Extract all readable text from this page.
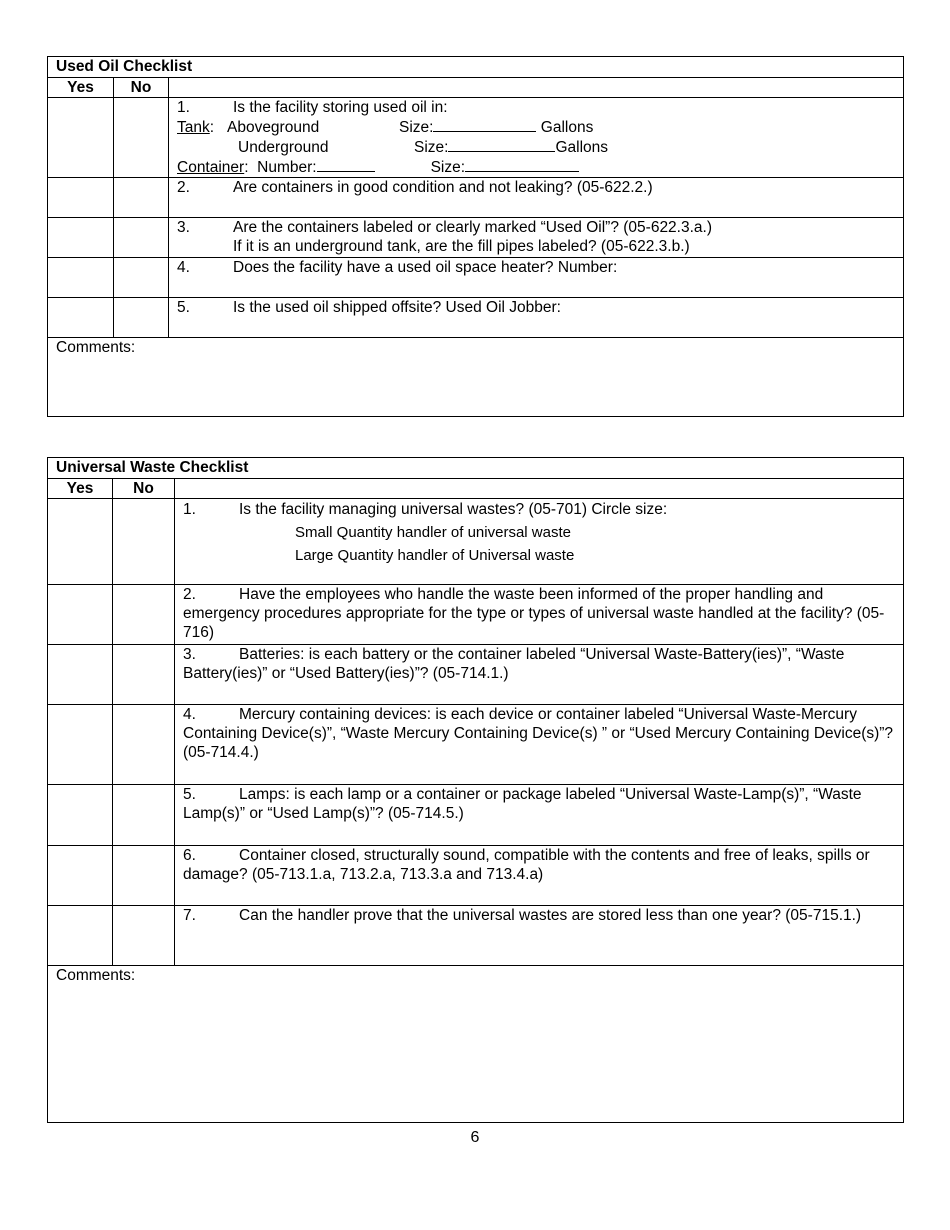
Used Oil Checklist		
Yes	No	

		1. Is the facility storing used oil in:
Tank:   Aboveground Size: Gallons
Underground Size: Gallons
Container:  Number: Size:

		2. Are containers in good condition and not leaking? (05-622.2.)

		3. Are the containers labeled or clearly marked “Used Oil”? (05-622.3.a.)
If it is an underground tank, are the fill pipes labeled? (05-622.3.b.)

		4. Does the facility have a used oil space heater? Number:
		5. Is the used oil shipped offsite? Used Oil Jobber:
Comments:		
Universal Waste Checklist		
Yes	No	

		1. Is the facility managing universal wastes? (05-701) Circle size:
Small Quantity handler of universal waste
Large Quantity handler of Universal waste

		2. Have the employees who handle the waste been informed of the proper handling and emergency procedures appropriate for the type or types of universal waste handled at the facility? (05-716)
		3. Batteries: is each battery or the container labeled “Universal Waste-Battery(ies)”, “Waste Battery(ies)” or “Used Battery(ies)”? (05-714.1.)
		4. Mercury containing devices: is each device or container labeled “Universal Waste-Mercury Containing Device(s)”, “Waste Mercury Containing Device(s) ” or “Used Mercury Containing Device(s)”? (05-714.4.)
		5. Lamps: is each lamp or a container or package labeled “Universal Waste-Lamp(s)”, “Waste Lamp(s)” or “Used Lamp(s)”? (05-714.5.)
		6. Container closed, structurally sound, compatible with the contents and free of leaks, spills or damage? (05-713.1.a, 713.2.a, 713.3.a and 713.4.a)
		7. Can the handler prove that the universal wastes are stored less than one year? (05-715.1.)
Comments:		
6
